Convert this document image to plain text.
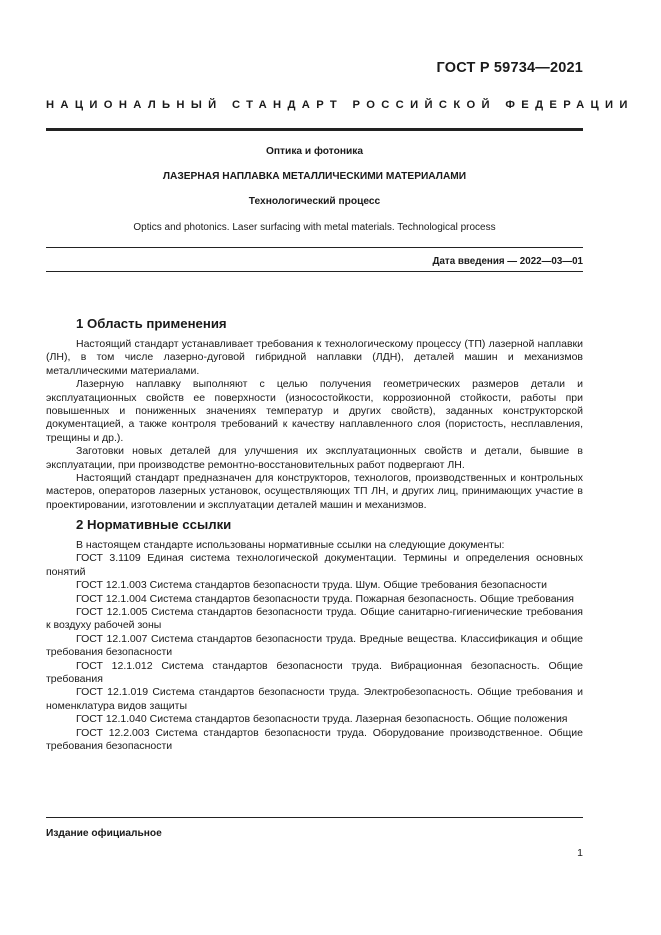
ГОСТ Р 59734—2021
НАЦИОНАЛЬНЫЙ СТАНДАРТ РОССИЙСКОЙ ФЕДЕРАЦИИ
Оптика и фотоника
ЛАЗЕРНАЯ НАПЛАВКА МЕТАЛЛИЧЕСКИМИ МАТЕРИАЛАМИ
Технологический процесс
Optics and photonics. Laser surfacing with metal materials. Technological process
Дата введения — 2022—03—01
1 Область применения

Настоящий стандарт устанавливает требования к технологическому процессу (ТП) лазерной наплавки (ЛН), в том числе лазерно-дуговой гибридной наплавки (ЛДН), деталей машин и механизмов металлическими материалами.

Лазерную наплавку выполняют с целью получения геометрических размеров детали и эксплуатационных свойств ее поверхности (износостойкости, коррозионной стойкости, работы при повышенных и пониженных значениях температур и других свойств), заданных конструкторской документацией, а также контроля требований к качеству наплавленного слоя (пористость, несплавления, трещины и др.).

Заготовки новых деталей для улучшения их эксплуатационных свойств и детали, бывшие в эксплуатации, при производстве ремонтно-восстановительных работ подвергают ЛН.

Настоящий стандарт предназначен для конструкторов, технологов, производственных и контрольных мастеров, операторов лазерных установок, осуществляющих ТП ЛН, и других лиц, принимающих участие в проектировании, изготовлении и эксплуатации деталей машин и механизмов.

2 Нормативные ссылки

В настоящем стандарте использованы нормативные ссылки на следующие документы:

ГОСТ 3.1109 Единая система технологической документации. Термины и определения основных понятий

ГОСТ 12.1.003 Система стандартов безопасности труда. Шум. Общие требования безопасности

ГОСТ 12.1.004 Система стандартов безопасности труда. Пожарная безопасность. Общие требования

ГОСТ 12.1.005 Система стандартов безопасности труда. Общие санитарно-гигиенические требования к воздуху рабочей зоны

ГОСТ 12.1.007 Система стандартов безопасности труда. Вредные вещества. Классификация и общие требования безопасности

ГОСТ 12.1.012 Система стандартов безопасности труда. Вибрационная безопасность. Общие требования

ГОСТ 12.1.019 Система стандартов безопасности труда. Электробезопасность. Общие требования и номенклатура видов защиты

ГОСТ 12.1.040 Система стандартов безопасности труда. Лазерная безопасность. Общие положения

ГОСТ 12.2.003 Система стандартов безопасности труда. Оборудование производственное. Общие требования безопасности

Издание официальное
1
